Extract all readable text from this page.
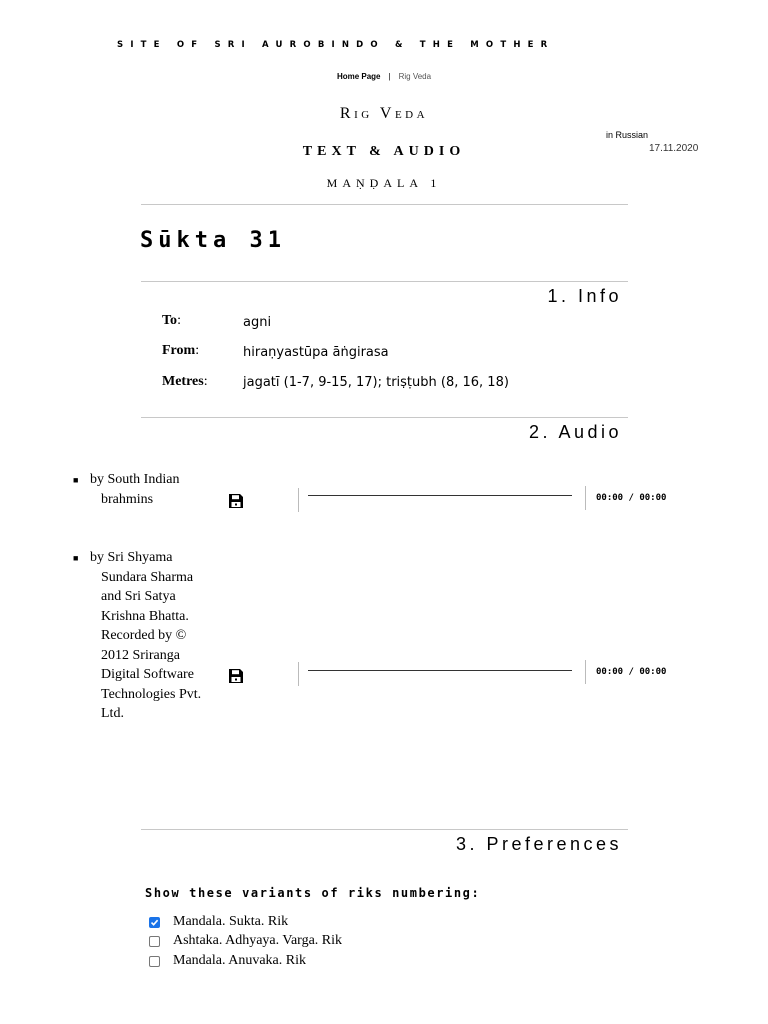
SITE OF SRI AUROBINDO & THE MOTHER
Home Page | Rig Veda
Rig Veda
in Russian
17.11.2020
TEXT & AUDIO
MAṆḌALA 1
Sūkta 31
1. Info
To:	agni
From:	hiraṇyastūpa āṅgirasa
Metres:	jagatī (1-7, 9-15, 17); triṣṭubh (8, 16, 18)
2. Audio
■ by South Indian brahmins	00:00 / 00:00
■ by Sri Shyama Sundara Sharma and Sri Satya Krishna Bhatta. Recorded by © 2012 Sriranga Digital Software Technologies Pvt. Ltd.
00:00 / 00:00
3. Preferences
Show these variants of riks numbering:
Mandala. Sukta. Rik
Ashtaka. Adhyaya. Varga. Rik
Mandala. Anuvaka. Rik
